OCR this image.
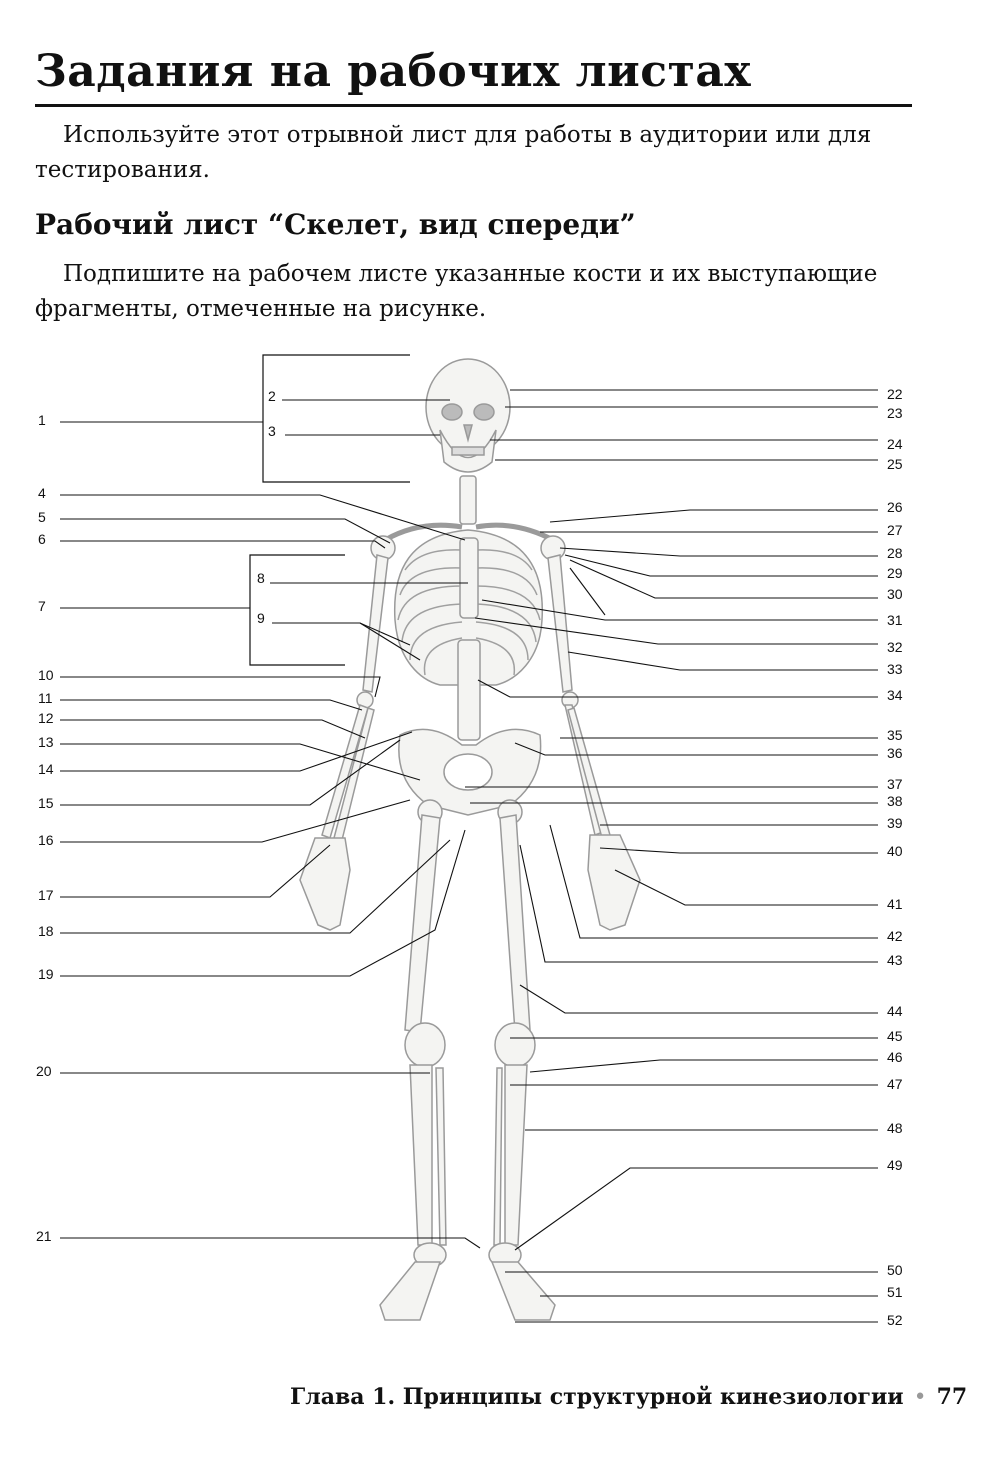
Задания на рабочих листах
Используйте этот отрывной лист для работы в аудитории или для тестирования.
Рабочий лист “Скелет, вид спереди”
Подпишите на рабочем листе указанные кости и их выступающие фрагменты, отмеченные на рисунке.
1
2
3
4
5
6
7
8
9
10
11
12
13
14
15
16
17
18
19
20
21
22
23
24
25
26
27
28
29
30
31
32
33
34
35
36
37
38
39
40
41
42
43
44
45
46
47
48
49
50
51
52
Глава 1. Принципы структурной кинезиологии • 77
